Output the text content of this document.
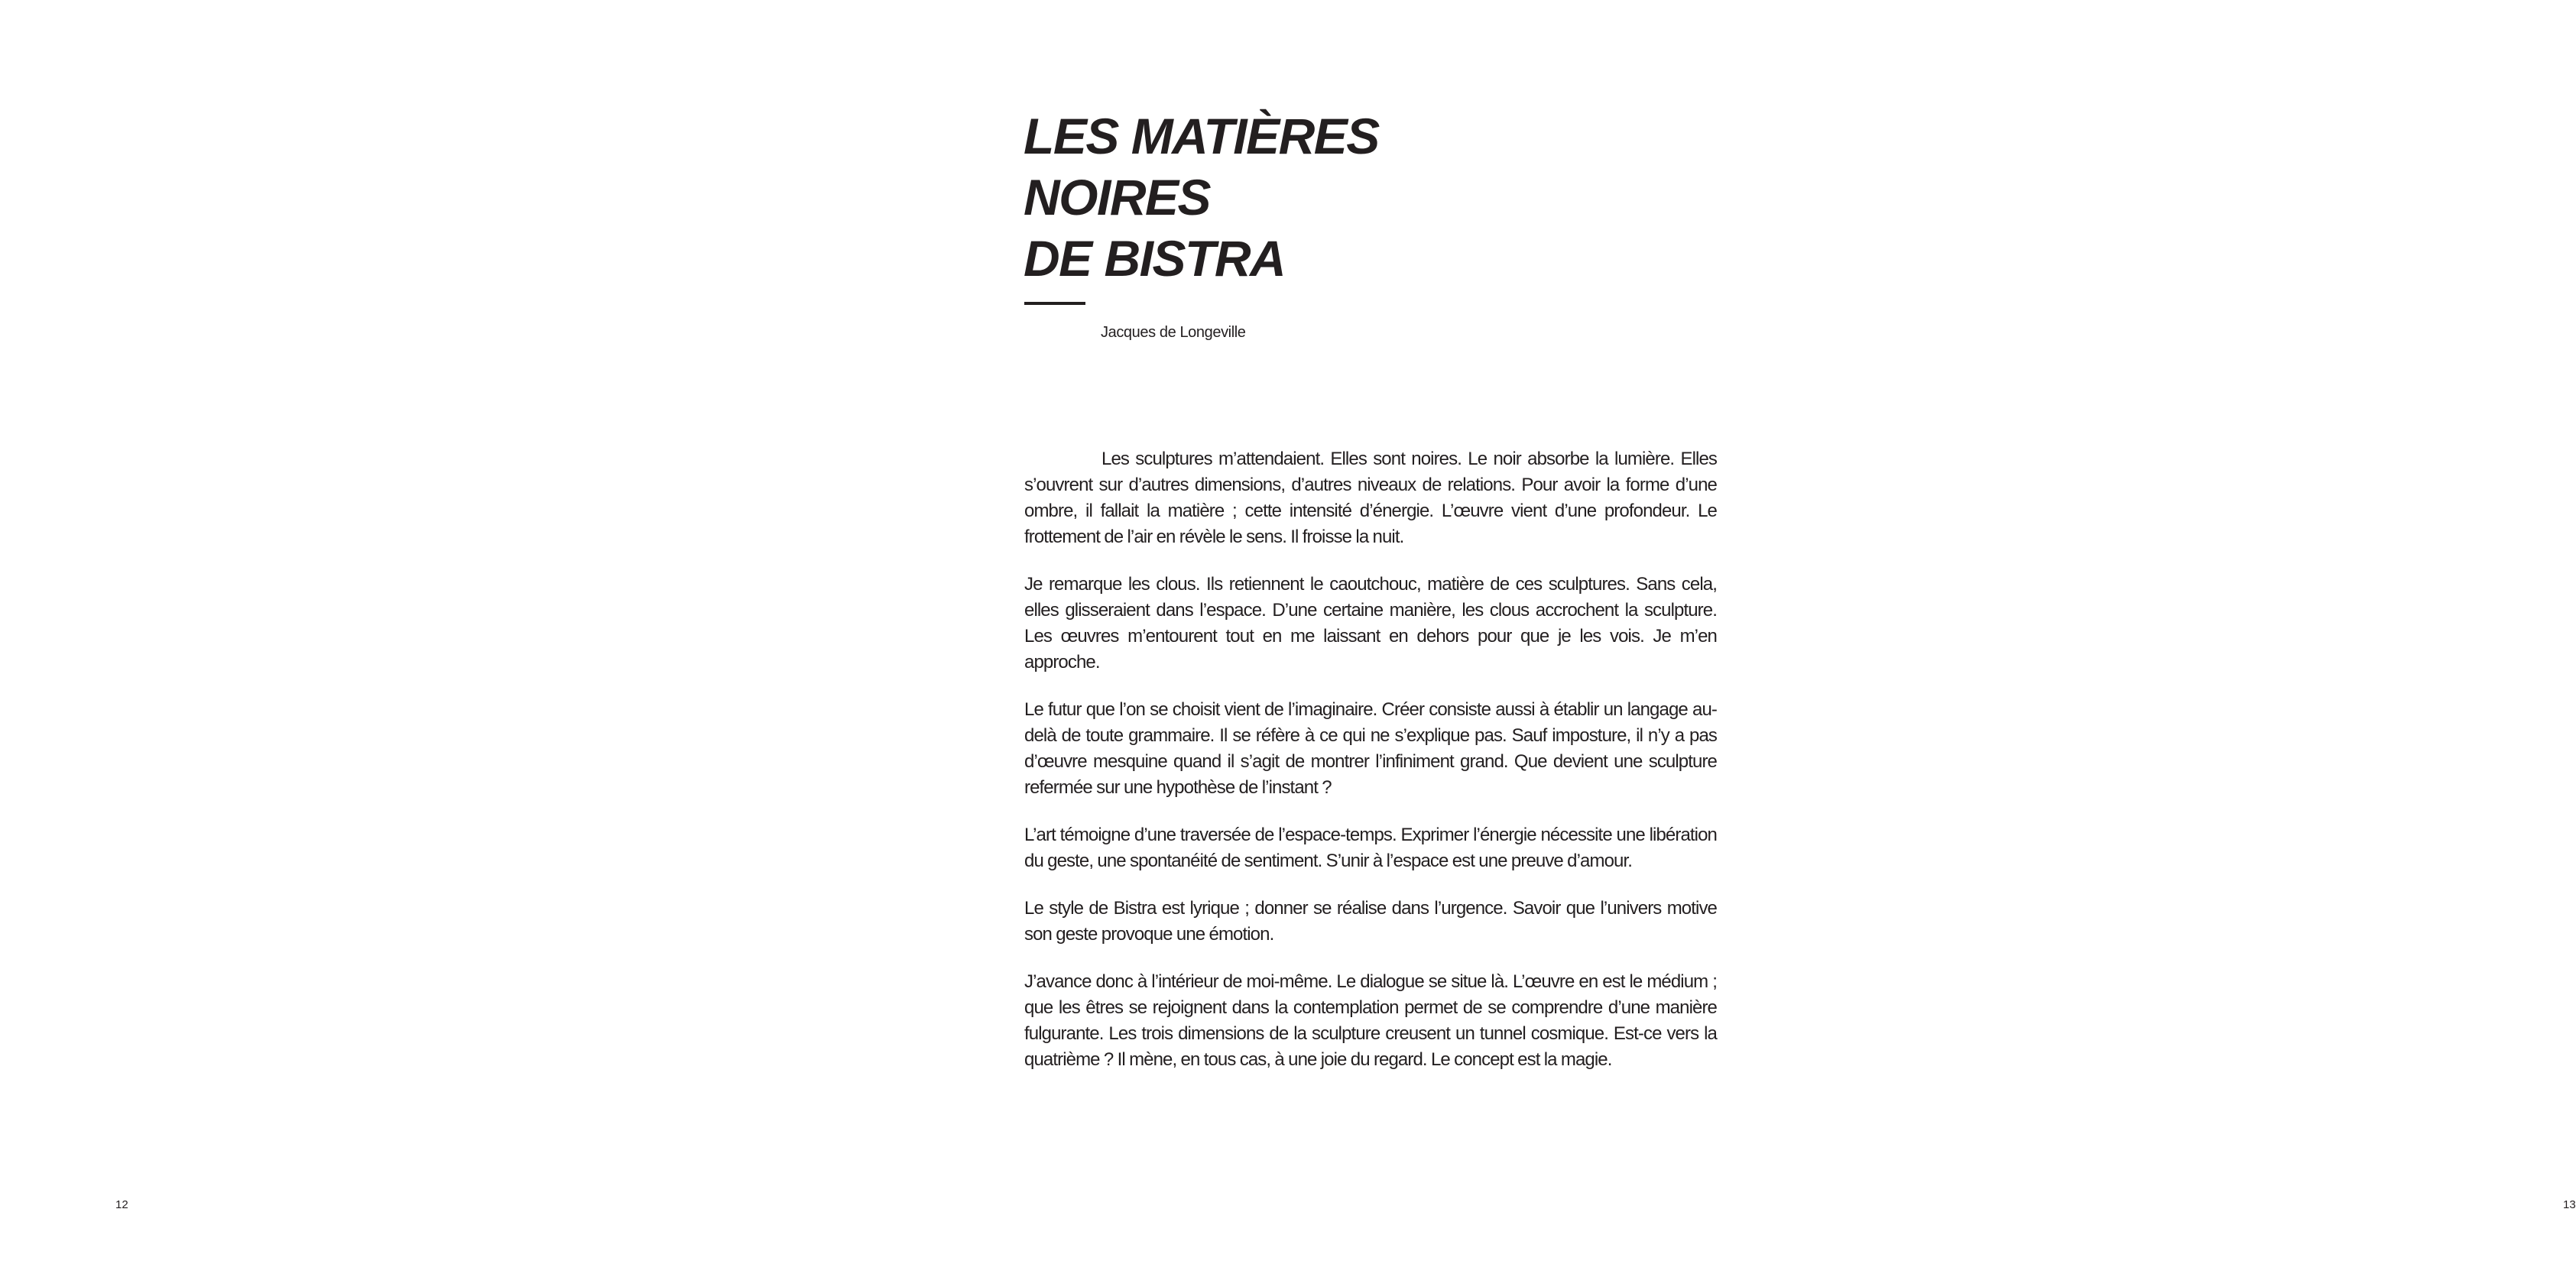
12
LES MATIÈRES
NOIRES
DE BISTRA
Jacques de Longeville

Les sculptures m’attendaient. Elles sont noires. Le noir absorbe la lumière. Elles s’ouvrent sur d’autres dimensions, d’autres niveaux de relations. Pour avoir la forme d’une ombre, il fallait la matière ; cette intensité d’énergie. L’œuvre vient d’une profondeur. Le frottement de l’air en révèle le sens. Il froisse la nuit.

Je remarque les clous. Ils retiennent le caoutchouc, matière de ces sculptures. Sans cela, elles glisseraient dans l’espace. D’une certaine manière, les clous accrochent la sculpture. Les œuvres m’entourent tout en me laissant en dehors pour que je les vois. Je m’en approche.

Le futur que l’on se choisit vient de l’imaginaire. Créer consiste aussi à établir un langage au-delà de toute grammaire. Il se réfère à ce qui ne s’explique pas. Sauf imposture, il n’y a pas d’œuvre mesquine quand il s’agit de montrer l’infiniment grand. Que devient une sculpture refermée sur une hypothèse de l’instant ?

L’art témoigne d’une traversée de l’espace-temps. Exprimer l’énergie nécessite une libération du geste, une spontanéité de sentiment. S’unir à l’espace est une preuve d’amour.

Le style de Bistra est lyrique ; donner se réalise dans l’urgence. Savoir que l’univers motive son geste provoque une émotion.

J’avance donc à l’intérieur de moi-même. Le dialogue se situe là. L’œuvre en est le médium ; que les êtres se rejoignent dans la contemplation permet de se comprendre d’une manière fulgurante. Les trois dimensions de la sculpture creusent un tunnel cosmique. Est-ce vers la quatrième ? Il mène, en tous cas, à une joie du regard. Le concept est la magie.

13
